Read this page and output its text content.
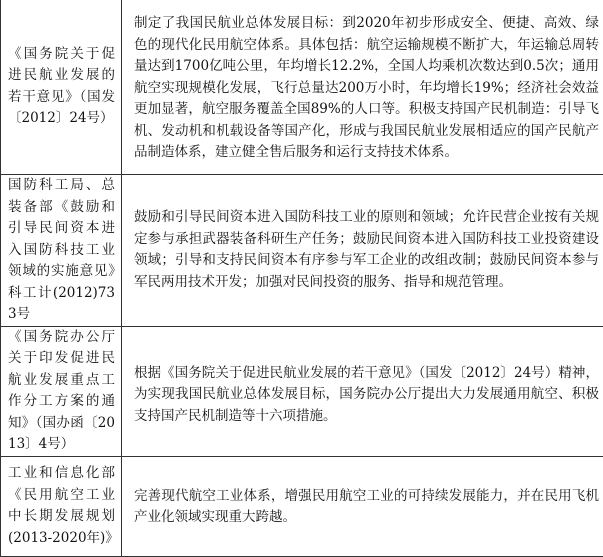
《国务院关于促进民航业发展的若干意见》（国发〔2012〕24号）	制定了我国民航业总体发展目标：到2020年初步形成安全、便捷、高效、绿色的现代化民用航空体系。具体包括：航空运输规模不断扩大，年运输总周转量达到1700亿吨公里，年均增长12.2%，全国人均乘机次数达到0.5次；通用航空实现规模化发展，飞行总量达200万小时，年均增长19%；经济社会效益更加显著，航空服务覆盖全国89%的人口等。积极支持国产民机制造：引导飞机、发动机和机载设备等国产化，形成与我国民航业发展相适应的国产民航产品制造体系，建立健全售后服务和运行支持技术体系。

国防科工局、总装备部《鼓励和引导民间资本进入国防科技工业领域的实施意见》科工计(2012)733号	鼓励和引导民间资本进入国防科技工业的原则和领域；允许民营企业按有关规定参与承担武器装备科研生产任务；鼓励民间资本进入国防科技工业投资建设领域；引导和支持民间资本有序参与军工企业的改组改制；鼓励民间资本参与军民两用技术开发；加强对民间投资的服务、指导和规范管理。

《国务院办公厅关于印发促进民航业发展重点工作分工方案的通知》（国办函〔2013〕4号）	根据《国务院关于促进民航业发展的若干意见》（国发〔2012〕24号）精神，为实现我国民航业总体发展目标，国务院办公厅提出大力发展通用航空、积极支持国产民机制造等十六项措施。

工业和信息化部《民用航空工业中长期发展规划(2013-2020年)》	完善现代航空工业体系，增强民用航空工业的可持续发展能力，并在民用飞机产业化领域实现重大跨越。
